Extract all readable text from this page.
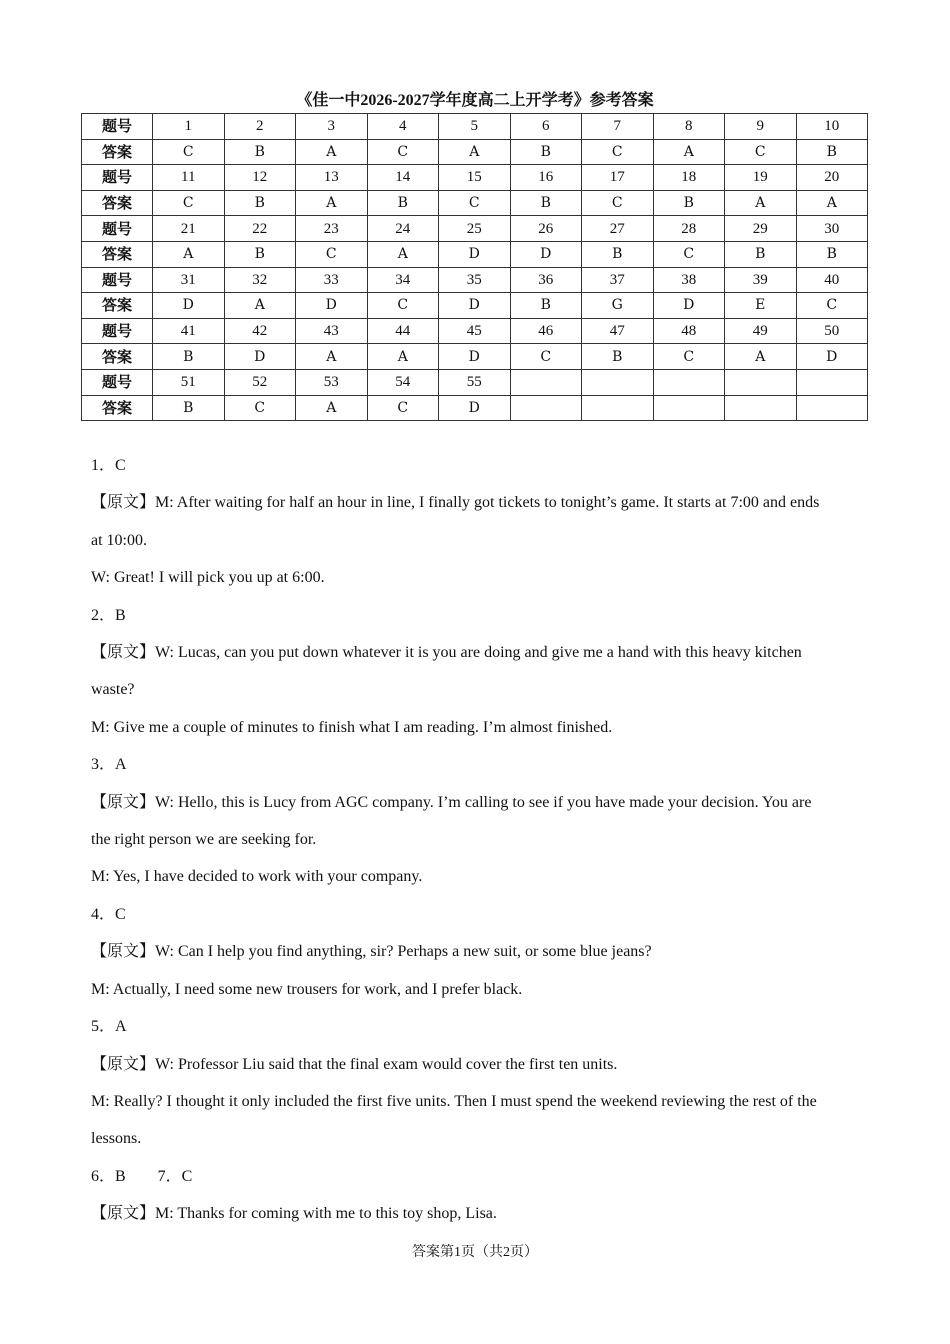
《佳一中2026-2027学年度高二上开学考》参考答案
题号	1	2	3	4	5	6	7	8	9	10
答案	C	B	A	C	A	B	C	A	C	B
题号	11	12	13	14	15	16	17	18	19	20
答案	C	B	A	B	C	B	C	B	A	A
题号	21	22	23	24	25	26	27	28	29	30
答案	A	B	C	A	D	D	B	C	B	B
题号	31	32	33	34	35	36	37	38	39	40
答案	D	A	D	C	D	B	G	D	E	C
题号	41	42	43	44	45	46	47	48	49	50
答案	B	D	A	A	D	C	B	C	A	D
题号	51	52	53	54	55					
答案	B	C	A	C	D					
1．C
【原文】M: After waiting for half an hour in line, I finally got tickets to tonight’s game. It starts at 7:00 and ends
at 10:00.
W: Great! I will pick you up at 6:00.
2．B
【原文】W: Lucas, can you put down whatever it is you are doing and give me a hand with this heavy kitchen
waste?
M: Give me a couple of minutes to finish what I am reading. I’m almost finished.
3．A
【原文】W: Hello, this is Lucy from AGC company. I’m calling to see if you have made your decision. You are
the right person we are seeking for.
M: Yes, I have decided to work with your company.
4．C
【原文】W: Can I help you find anything, sir? Perhaps a new suit, or some blue jeans?
M: Actually, I need some new trousers for work, and I prefer black.
5．A
【原文】W: Professor Liu said that the final exam would cover the first ten units.
M: Really? I thought it only included the first five units. Then I must spend the weekend reviewing the rest of the
lessons.
6．B　　7．C
【原文】M: Thanks for coming with me to this toy shop, Lisa.
答案第1页（共2页）
